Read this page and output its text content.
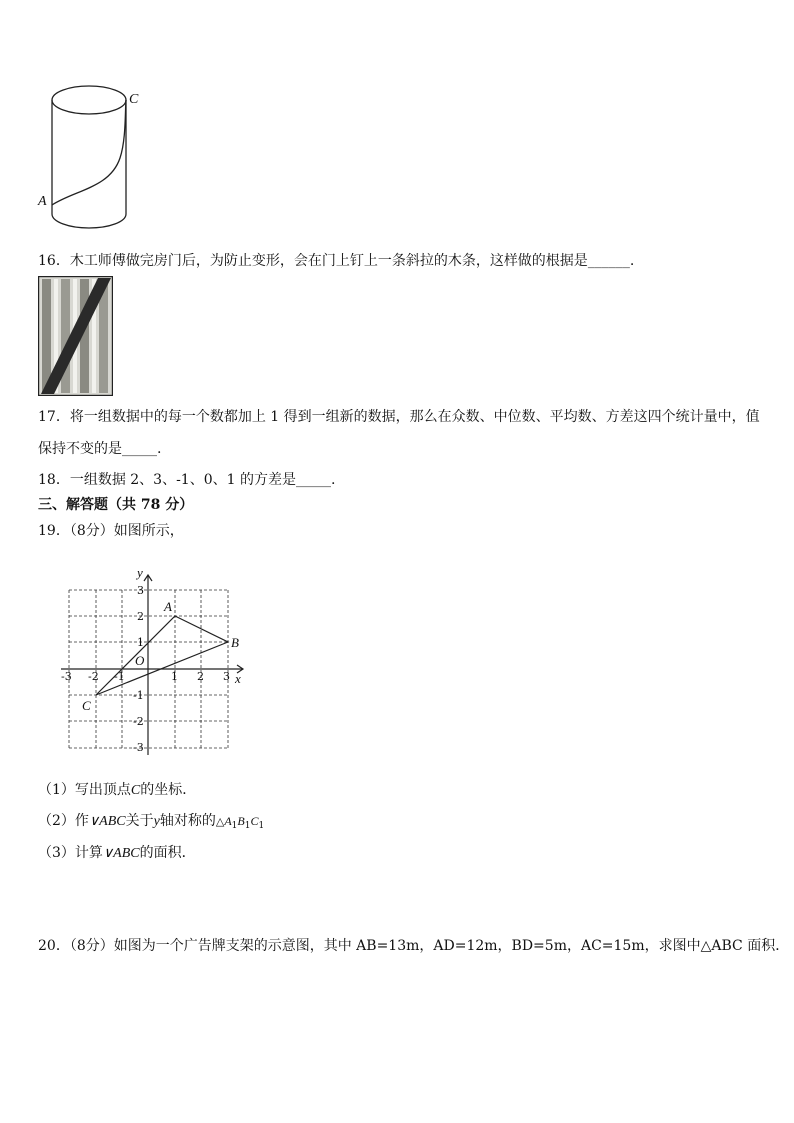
A
C
16．木工师傅做完房门后，为防止变形，会在门上钉上一条斜拉的木条，这样做的根据是______.
17．将一组数据中的每一个数都加上 1 得到一组新的数据，那么在众数、中位数、平均数、方差这四个统计量中，值
保持不变的是_____.
18．一组数据 2、3、-1、0、1 的方差是_____.
三、解答题（共 78 分）
19．（8分）如图所示，
y
x
O
-3 -2 -1	1 2 3
3
2
1
-1
-2
-3
A
B
C
（1）写出顶点C的坐标．
（2）作∨ABC关于y轴对称的$\triangle A_1B_1C_1$
（3）计算∨ABC的面积．
20．（8分）如图为一个广告牌支架的示意图，其中 AB=13m，AD=12m，BD=5m，AC=15m，求图中△ABC 面积．
